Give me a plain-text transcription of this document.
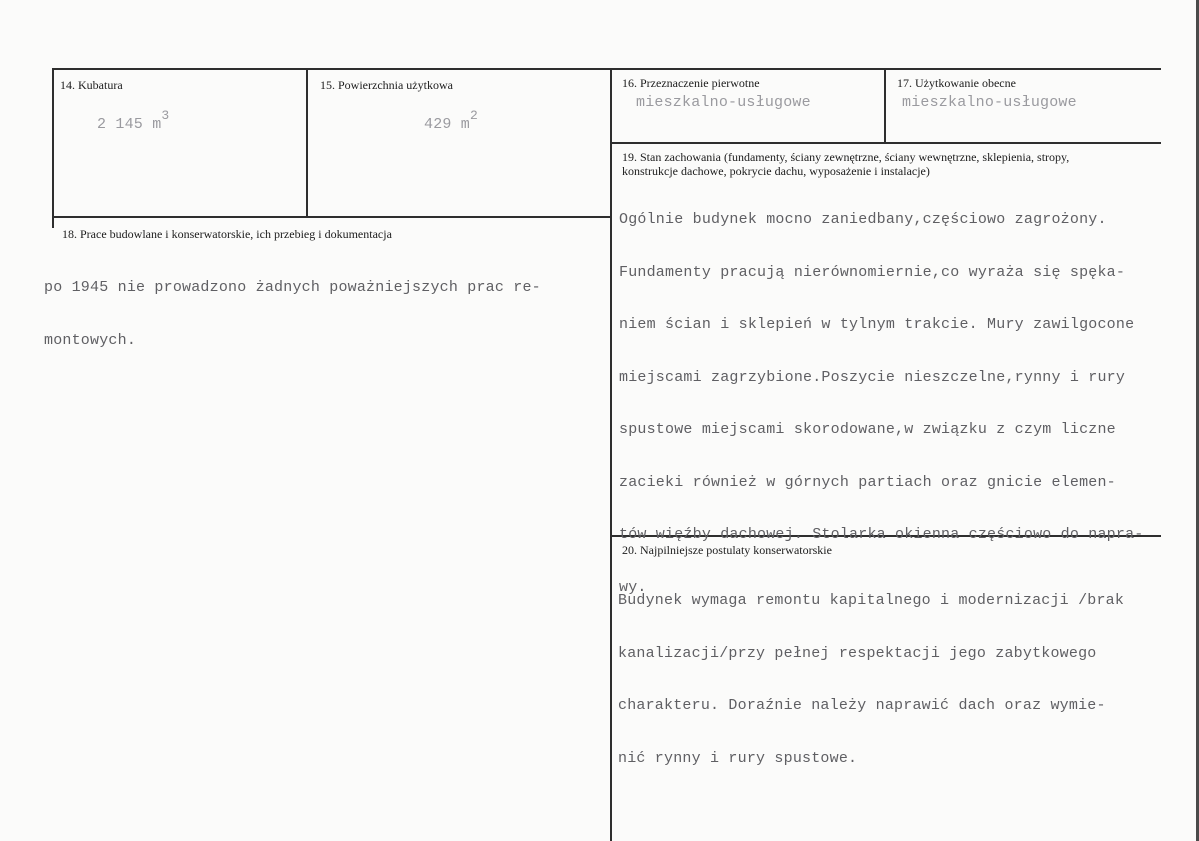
14. Kubatura
2 145 m3
15. Powierzchnia użytkowa
429 m2
16. Przeznaczenie pierwotne
mieszkalno-usługowe
17. Użytkowanie obecne
mieszkalno-usługowe
19. Stan zachowania (fundamenty, ściany zewnętrzne, ściany wewnętrzne, sklepienia, stropy, konstrukcje dachowe, pokrycie dachu, wyposażenie i instalacje)

Ogólnie budynek mocno zaniedbany,częściowo zagrożony.

Fundamenty pracują nierównomiernie,co wyraża się spęka-

niem ścian i sklepień w tylnym trakcie. Mury zawilgocone

miejscami zagrzybione.Poszycie nieszczelne,rynny i rury

spustowe miejscami skorodowane,w związku z czym liczne

zacieki również w górnych partiach oraz gnicie elemen-

tów więźby dachowej. Stolarka okienna częściowo do napra-

wy.

18. Prace budowlane i konserwatorskie, ich przebieg i dokumentacja

po 1945 nie prowadzono żadnych poważniejszych prac re-

montowych.

20. Najpilniejsze postulaty konserwatorskie

Budynek wymaga remontu kapitalnego i modernizacji /brak

kanalizacji/przy pełnej respektacji jego zabytkowego

charakteru. Doraźnie należy naprawić dach oraz wymie-

nić rynny i rury spustowe.
